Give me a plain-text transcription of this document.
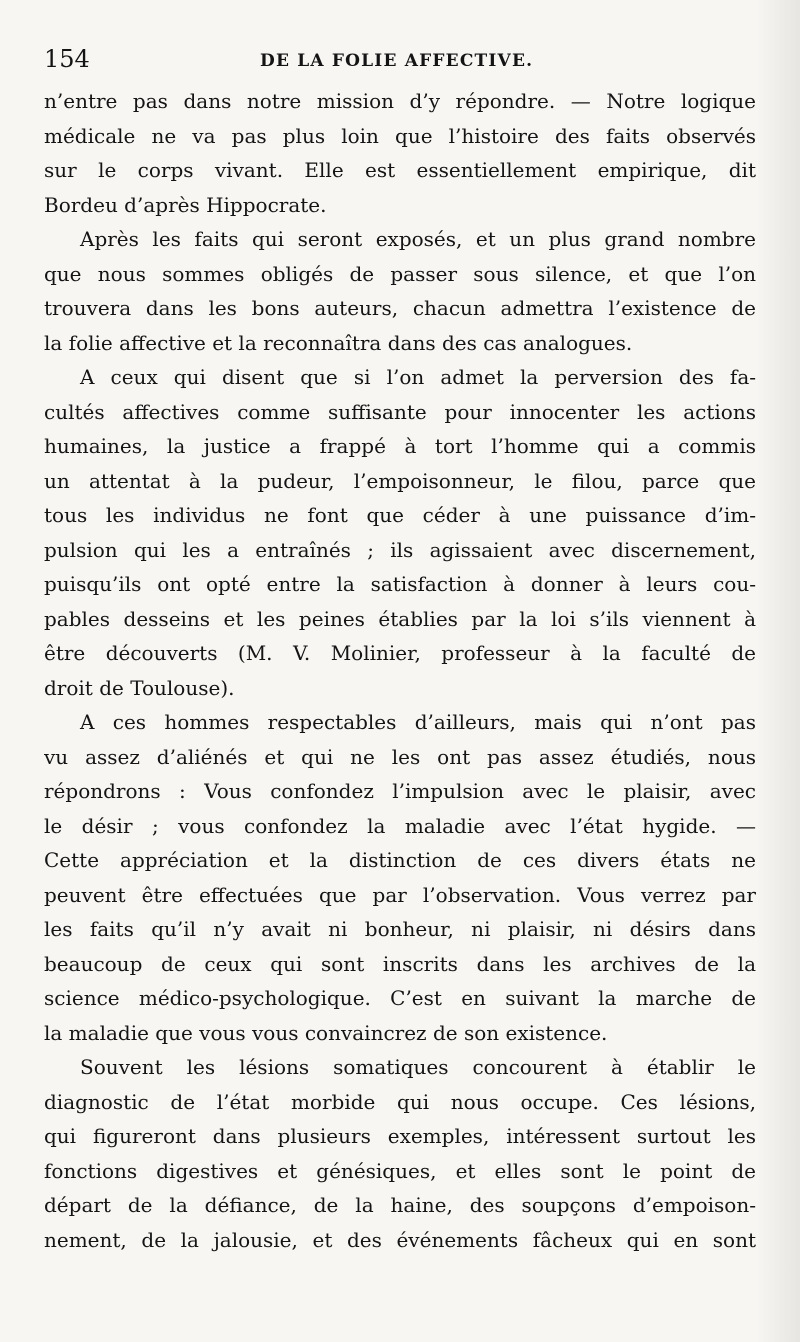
154	DE LA FOLIE AFFECTIVE.
n’entre pas dans notre mission d’y répondre. — Notre logique
médicale ne va pas plus loin que l’histoire des faits observés
sur le corps vivant. Elle est essentiellement empirique, dit
Bordeu d’après Hippocrate.
Après les faits qui seront exposés, et un plus grand nombre
que nous sommes obligés de passer sous silence, et que l’on
trouvera dans les bons auteurs, chacun admettra l’existence de
la folie affective et la reconnaîtra dans des cas analogues.
A ceux qui disent que si l’on admet la perversion des fa-
cultés affectives comme suffisante pour innocenter les actions
humaines, la justice a frappé à tort l’homme qui a commis
un attentat à la pudeur, l’empoisonneur, le filou, parce que
tous les individus ne font que céder à une puissance d’im-
pulsion qui les a entraînés ; ils agissaient avec discernement,
puisqu’ils ont opté entre la satisfaction à donner à leurs cou-
pables desseins et les peines établies par la loi s’ils viennent à
être découverts (M. V. Molinier, professeur à la faculté de
droit de Toulouse).
A ces hommes respectables d’ailleurs, mais qui n’ont pas
vu assez d’aliénés et qui ne les ont pas assez étudiés, nous
répondrons : Vous confondez l’impulsion avec le plaisir, avec
le désir ; vous confondez la maladie avec l’état hygide. —
Cette appréciation et la distinction de ces divers états ne
peuvent être effectuées que par l’observation. Vous verrez par
les faits qu’il n’y avait ni bonheur, ni plaisir, ni désirs dans
beaucoup de ceux qui sont inscrits dans les archives de la
science médico-psychologique. C’est en suivant la marche de
la maladie que vous vous convaincrez de son existence.
Souvent les lésions somatiques concourent à établir le
diagnostic de l’état morbide qui nous occupe. Ces lésions,
qui figureront dans plusieurs exemples, intéressent surtout les
fonctions digestives et génésiques, et elles sont le point de
départ de la défiance, de la haine, des soupçons d’empoison-
nement, de la jalousie, et des événements fâcheux qui en sont
